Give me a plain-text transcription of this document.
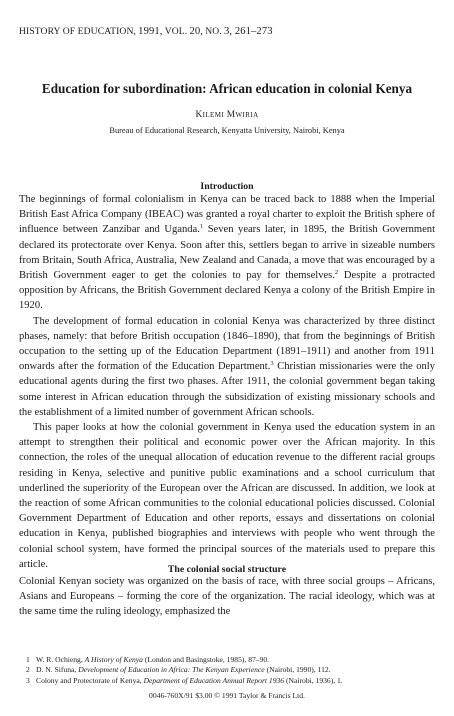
HISTORY OF EDUCATION, 1991, VOL. 20, NO. 3, 261–273
Education for subordination: African education in colonial Kenya
Kilemi Mwiria
Bureau of Educational Research, Kenyatta University, Nairobi, Kenya
Introduction

The beginnings of formal colonialism in Kenya can be traced back to 1888 when the Imperial British East Africa Company (IBEAC) was granted a royal charter to exploit the British sphere of influence between Zanzibar and Uganda.$^1$ Seven years later, in 1895, the British Government declared its protectorate over Kenya. Soon after this, settlers began to arrive in sizeable numbers from Britain, South Africa, Australia, New Zealand and Canada, a move that was encouraged by a British Government eager to get the colonies to pay for themselves.$^2$ Despite a protracted opposition by Africans, the British Government declared Kenya a colony of the British Empire in 1920.

The development of formal education in colonial Kenya was characterized by three distinct phases, namely: that before British occupation (1846–1890), that from the beginnings of British occupation to the setting up of the Education Department (1891–1911) and another from 1911 onwards after the formation of the Education Department.$^3$ Christian missionaries were the only educational agents during the first two phases. After 1911, the colonial government began taking some interest in African education through the subsidization of existing missionary schools and the establishment of a limited number of government African schools.

This paper looks at how the colonial government in Kenya used the education system in an attempt to strengthen their political and economic power over the African majority. In this connection, the roles of the unequal allocation of education revenue to the different racial groups residing in Kenya, selective and punitive public examinations and a school curriculum that underlined the superiority of the European over the African are discussed. In addition, we look at the reaction of some African communities to the colonial educational policies discussed. Colonial Government Department of Education and other reports, essays and dissertations on colonial education in Kenya, published biographies and interviews with people who went through the colonial school system, have formed the principal sources of the materials used to prepare this article.	The colonial social structure

Colonial Kenyan society was organized on the basis of race, with three social groups – Africans, Asians and Europeans – forming the core of the organization. The racial ideology, which was at the same time the ruling ideology, emphasized the

1 W. R. Ochieng, A History of Kenya (London and Basingstoke, 1985), 87–90.
2 D. N. Sifuna, Development of Education in Africa: The Kenyan Experience (Nairobi, 1990), 112.
3 Colony and Protectorate of Kenya, Department of Education Annual Report 1936 (Nairobi, 1936), 1.
0046-760X/91 $3.00 © 1991 Taylor & Francis Ltd.
